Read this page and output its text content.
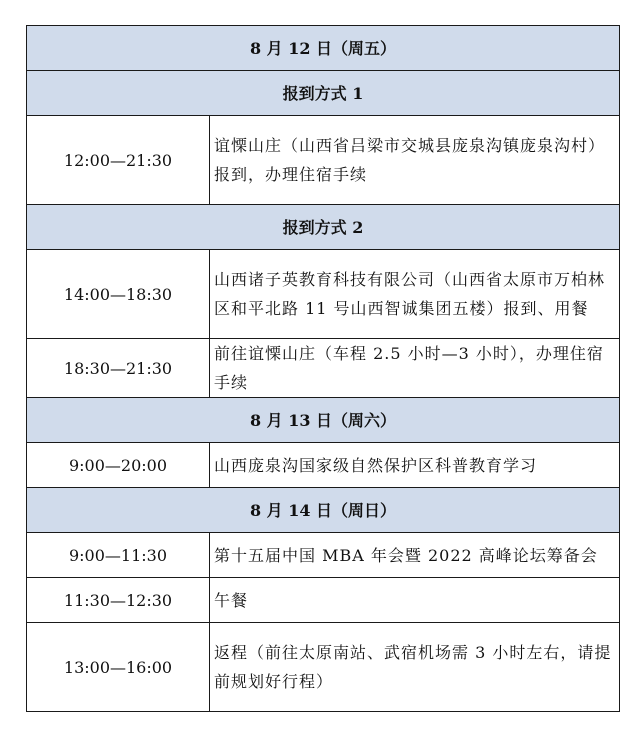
8 月 12 日（周五）	
报到方式 1	
12:00—21:30	谊慄山庄（山西省吕梁市交城县庞泉沟镇庞泉沟村）报到，办理住宿手续
报到方式 2	
14:00—18:30	山西诸子英教育科技有限公司（山西省太原市万柏林区和平北路 11 号山西智诚集团五楼）报到、用餐
18:30—21:30	前往谊慄山庄（车程 2.5 小时—3 小时），办理住宿手续
8 月 13 日（周六）	
9:00—20:00	山西庞泉沟国家级自然保护区科普教育学习
8 月 14 日（周日）	
9:00—11:30	第十五届中国 MBA 年会暨 2022 高峰论坛筹备会
11:30—12:30	午餐
13:00—16:00	返程（前往太原南站、武宿机场需 3 小时左右，请提前规划好行程）
